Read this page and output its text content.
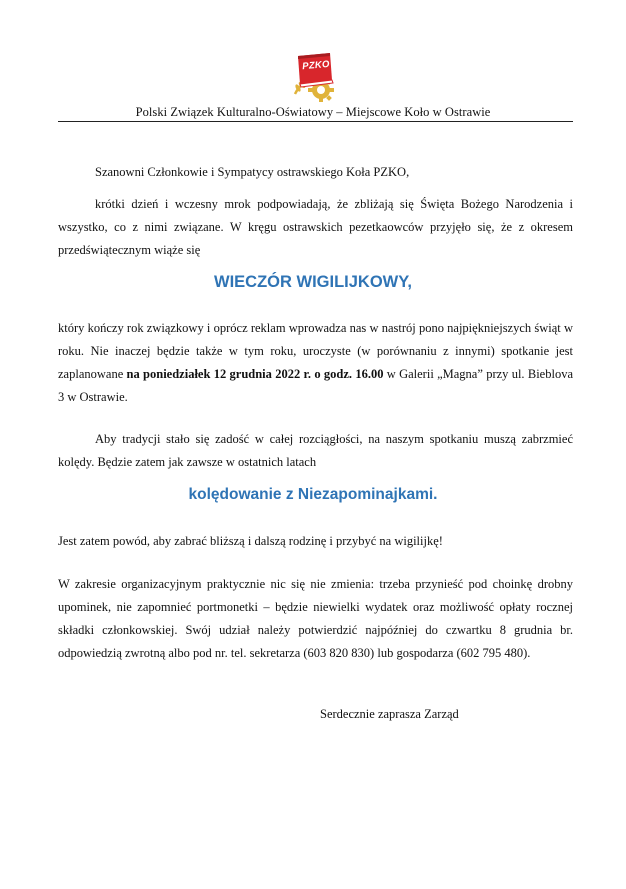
PZKO
Polski Związek Kulturalno-Oświatowy – Miejscowe Koło w Ostrawie
Szanowni Członkowie i Sympatycy ostrawskiego Koła PZKO,
krótki dzień i wczesny mrok podpowiadają, że zbliżają się Święta Bożego Narodzenia i wszystko, co z nimi związane. W kręgu ostrawskich pezetkaowców przyjęło się, że z okresem przedświątecznym wiąże się
WIECZÓR WIGILIJKOWY,
który kończy rok związkowy i oprócz reklam wprowadza nas w nastrój pono najpiękniejszych świąt w roku. Nie inaczej będzie także w tym roku, uroczyste (w porównaniu z innymi) spotkanie jest zaplanowane na poniedziałek 12 grudnia 2022 r. o godz. 16.00 w Galerii „Magna” przy ul. Bieblova 3 w Ostrawie.
Aby tradycji stało się zadość w całej rozciągłości, na naszym spotkaniu muszą zabrzmieć kolędy. Będzie zatem jak zawsze w ostatnich latach
kolędowanie z Niezapominajkami.
Jest zatem powód, aby zabrać bliższą i dalszą rodzinę i przybyć na wigilijkę!
W zakresie organizacyjnym praktycznie nic się nie zmienia: trzeba przynieść pod choinkę drobny upominek, nie zapomnieć portmonetki – będzie niewielki wydatek oraz możliwość opłaty rocznej składki członkowskiej. Swój udział należy potwierdzić najpóźniej do czwartku 8 grudnia br. odpowiedzią zwrotną albo pod nr. tel. sekretarza (603 820 830) lub gospodarza (602 795 480).
Serdecznie zaprasza Zarząd
